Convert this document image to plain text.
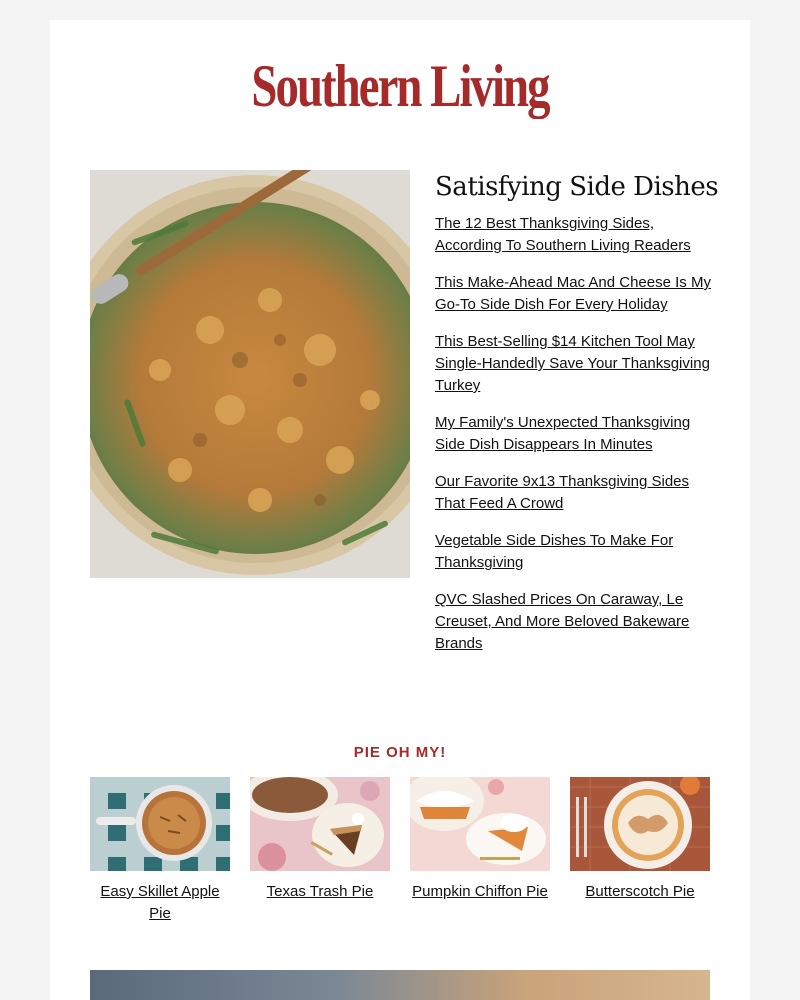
Southern Living
Satisfying Side Dishes
The 12 Best Thanksgiving Sides, According To Southern Living Readers
This Make-Ahead Mac And Cheese Is My Go-To Side Dish For Every Holiday
This Best-Selling $14 Kitchen Tool May Single-Handedly Save Your Thanksgiving Turkey
My Family's Unexpected Thanksgiving Side Dish Disappears In Minutes
Our Favorite 9x13 Thanksgiving Sides That Feed A Crowd
Vegetable Side Dishes To Make For Thanksgiving
QVC Slashed Prices On Caraway, Le Creuset, And More Beloved Bakeware Brands
PIE OH MY!
Easy Skillet Apple Pie
Texas Trash Pie	Pumpkin Chiffon Pie	Butterscotch Pie
